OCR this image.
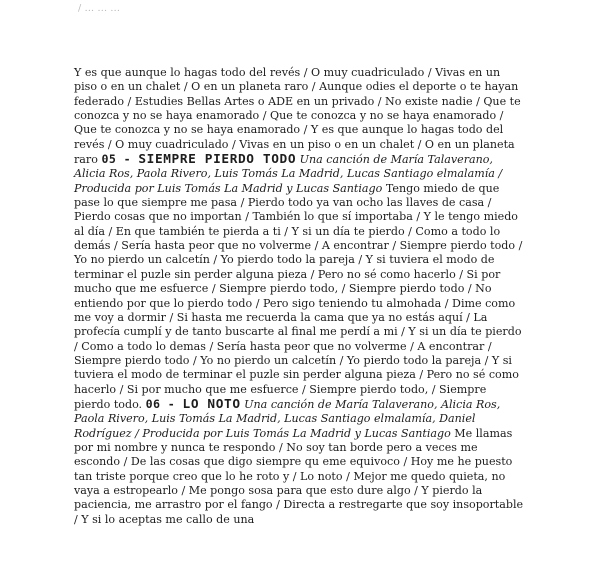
/ ... ... ...
Y es que aunque lo hagas todo del revés / O muy cuadriculado / Vivas en un piso o en un chalet / O en un planeta raro / Aunque odies el deporte o te hayan federado / Estudies Bellas Artes o ADE en un privado / No existe nadie / Que te conozca y no se haya enamorado / Que te conozca y no se haya enamorado / Que te conozca y no se haya enamorado / Y es que aunque lo hagas todo del revés / O muy cuadriculado / Vivas en un piso o en un chalet / O en un planeta raro 05 - SIEMPRE PIERDO TODO Una canción de María Talaverano, Alicia Ros, Paola Rivero, Luis Tomás La Madrid, Lucas Santiago elmalamía / Producida por Luis Tomás La Madrid y Lucas Santiago Tengo miedo de que pase lo que siempre me pasa / Pierdo todo ya van ocho las llaves de casa / Pierdo cosas que no importan / También lo que sí importaba / Y le tengo miedo al día / En que también te pierda a ti / Y si un día te pierdo / Como a todo lo demás / Sería hasta peor que no volverme / A encontrar / Siempre pierdo todo / Yo no pierdo un calcetín / Yo pierdo todo la pareja / Y si tuviera el modo de terminar el puzle sin perder alguna pieza / Pero no sé como hacerlo / Si por mucho que me esfuerce / Siempre pierdo todo, / Siempre pierdo todo / No entiendo por que lo pierdo todo / Pero sigo teniendo tu almohada / Dime como me voy a dormir / Si hasta me recuerda la cama que ya no estás aquí / La profecía cumplí y de tanto buscarte al final me perdí a mi / Y si un día te pierdo / Como a todo lo demas / Sería hasta peor que no volverme / A encontrar / Siempre pierdo todo / Yo no pierdo un calcetín / Yo pierdo todo la pareja / Y si tuviera el modo de terminar el puzle sin perder alguna pieza / Pero no sé como hacerlo / Si por mucho que me esfuerce / Siempre pierdo todo, / Siempre pierdo todo. 06 - LO NOTO Una canción de María Talaverano, Alicia Ros, Paola Rivero, Luis Tomás La Madrid, Lucas Santiago elmalamía, Daniel Rodríguez / Producida por Luis Tomás La Madrid y Lucas Santiago Me llamas por mi nombre y nunca te respondo / No soy tan borde pero a veces me escondo / De las cosas que digo siempre qu eme equivoco / Hoy me he puesto tan triste porque creo que lo he roto y / Lo noto / Mejor me quedo quieta, no vaya a estropearlo / Me pongo sosa para que esto dure algo / Y pierdo la paciencia, me arrastro por el fango / Directa a restregarte que soy insoportable / Y si lo aceptas me callo de una
